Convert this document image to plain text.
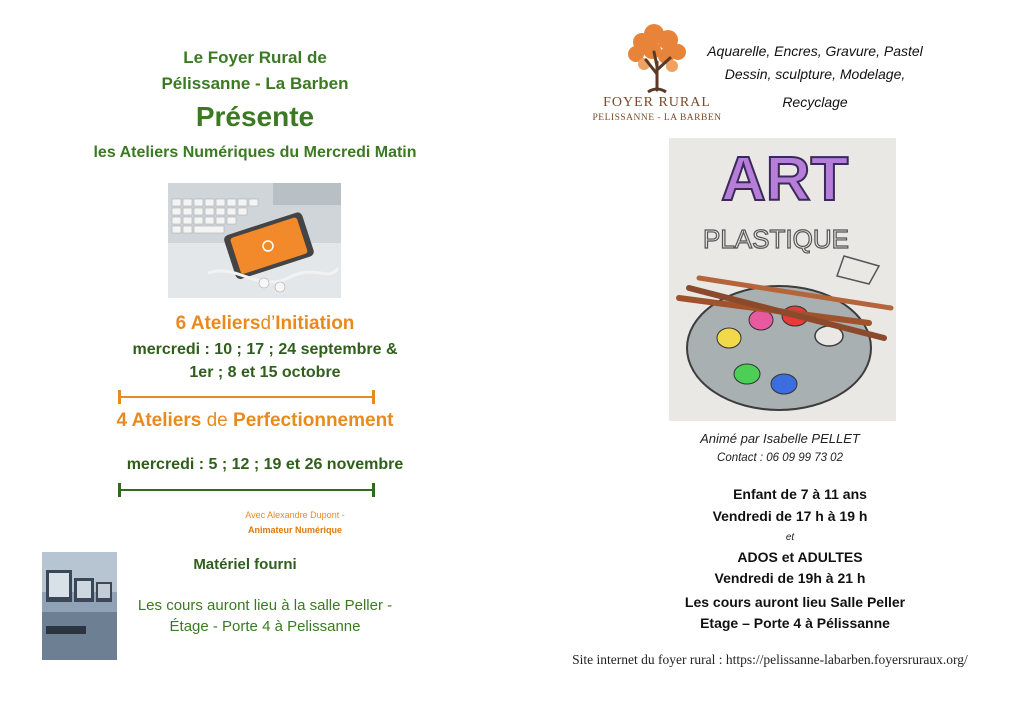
Le Foyer Rural de
Pélissanne - La Barben
Présente
les Ateliers Numériques du Mercredi Matin
6 Ateliersd’Initiation
mercredi : 10 ; 17 ; 24 septembre &
1er ; 8 et 15 octobre
4 Ateliers de Perfectionnement
mercredi : 5 ; 12 ; 19 et 26 novembre
Avec Alexandre Dupont -
Animateur Numérique
Matériel fourni
Les cours auront lieu à la salle Peller -
Étage - Porte 4 à Pelissanne
FOYER RURAL
PELISSANNE - LA BARBEN
Aquarelle, Encres, Gravure, Pastel
Dessin, sculpture, Modelage,
Recyclage
ART
PLASTIQUE
Animé par Isabelle PELLET
Contact : 06 09 99 73 02
Enfant de 7 à 11 ans
Vendredi de 17 h à 19 h
et
ADOS et ADULTES
Vendredi de 19h à 21 h
Les cours auront lieu Salle Peller
Etage – Porte 4 à Pélissanne
Site internet du foyer rural : https://pelissanne-labarben.foyersruraux.org/
